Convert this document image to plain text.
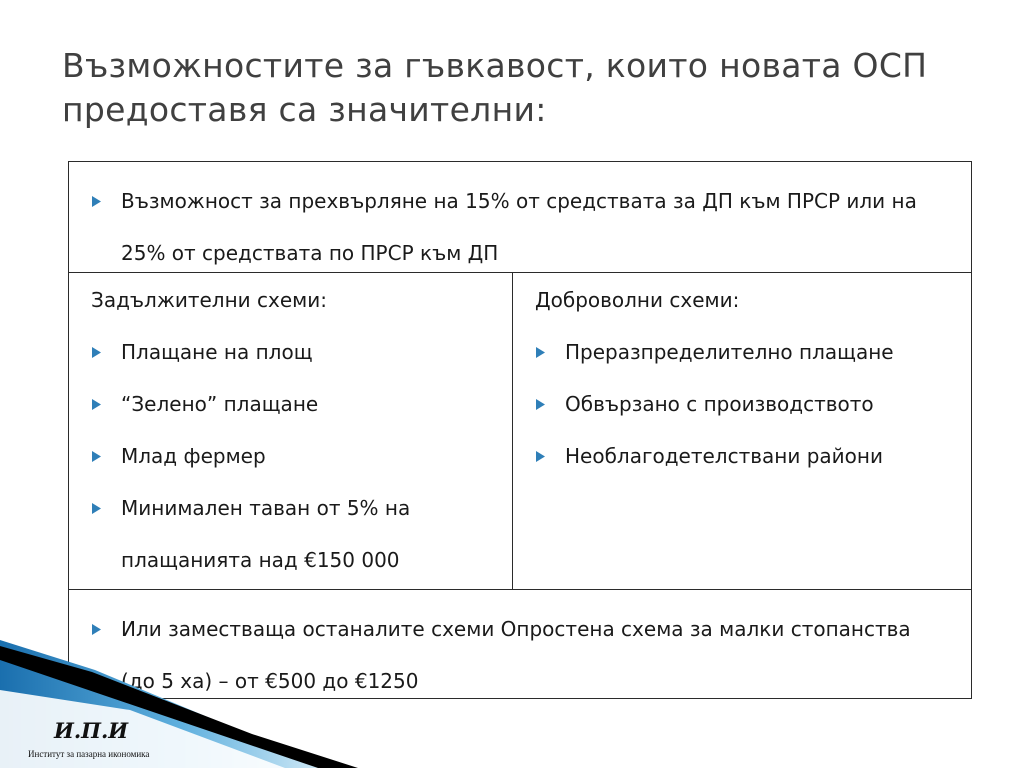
Възможностите за гъвкавост, които новата ОСП предоставя са значителни:
Възможност за прехвърляне на 15% от средствата за ДП към ПРСР или на 25% от средствата по ПРСР към ДП

Задължителни схеми:

Плащане на площ
“Зелено” плащане
Млад фермер
Минимален таван от 5% на плащанията над €150 000

Доброволни схеми:

Преразпределително плащане
Обвързано с производството
Необлагодетелствани райони
Или заместваща останалите схеми Опростена схема за малки стопанства (до 5 ха) – от €500 до €1250
И.П.И
Институт за пазарна икономика
